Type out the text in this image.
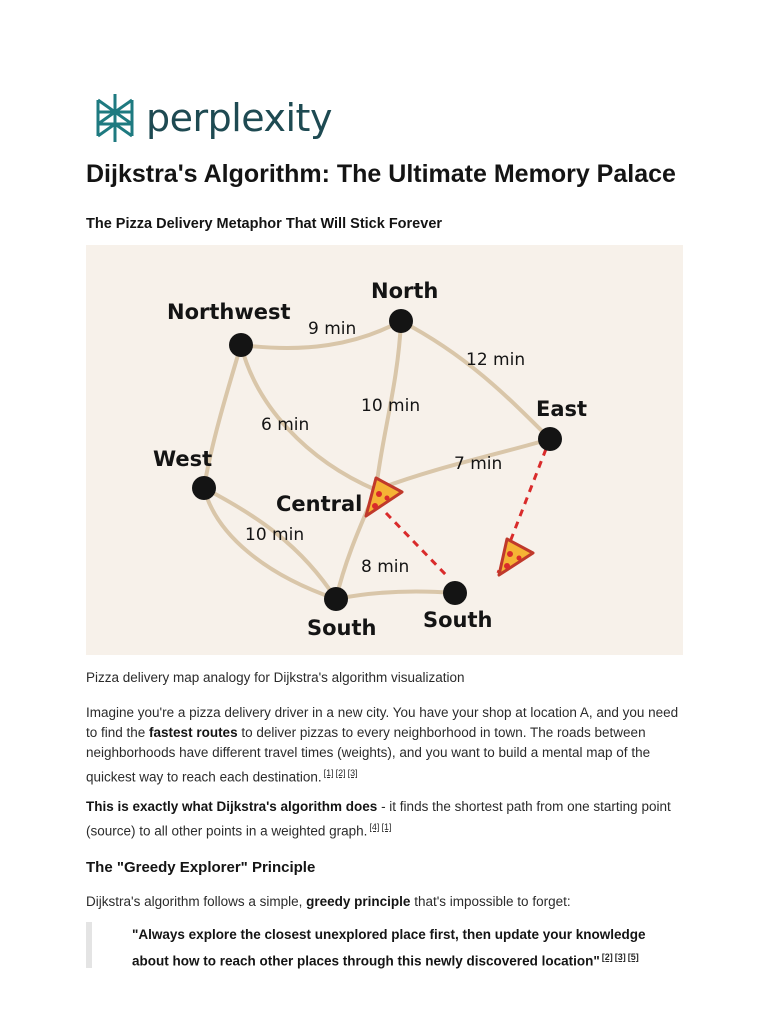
perplexity
Dijkstra's Algorithm: The Ultimate Memory Palace
The Pizza Delivery Metaphor That Will Stick Forever
North
Northwest
East
West
Central
South South
9 min
12 min
10 min
6 min
7 min
10 min
8 min

Pizza delivery map analogy for Dijkstra's algorithm visualization

Imagine you're a pizza delivery driver in a new city. You have your shop at location A, and you need to find the fastest routes to deliver pizzas to every neighborhood in town. The roads between neighborhoods have different travel times (weights), and you want to build a mental map of the quickest way to reach each destination. [1] [2] [3]

This is exactly what Dijkstra's algorithm does - it finds the shortest path from one starting point (source) to all other points in a weighted graph. [4] [1]

The "Greedy Explorer" Principle

Dijkstra's algorithm follows a simple, greedy principle that's impossible to forget:

"Always explore the closest unexplored place first, then update your knowledge about how to reach other places through this newly discovered location" [2] [3] [5]
